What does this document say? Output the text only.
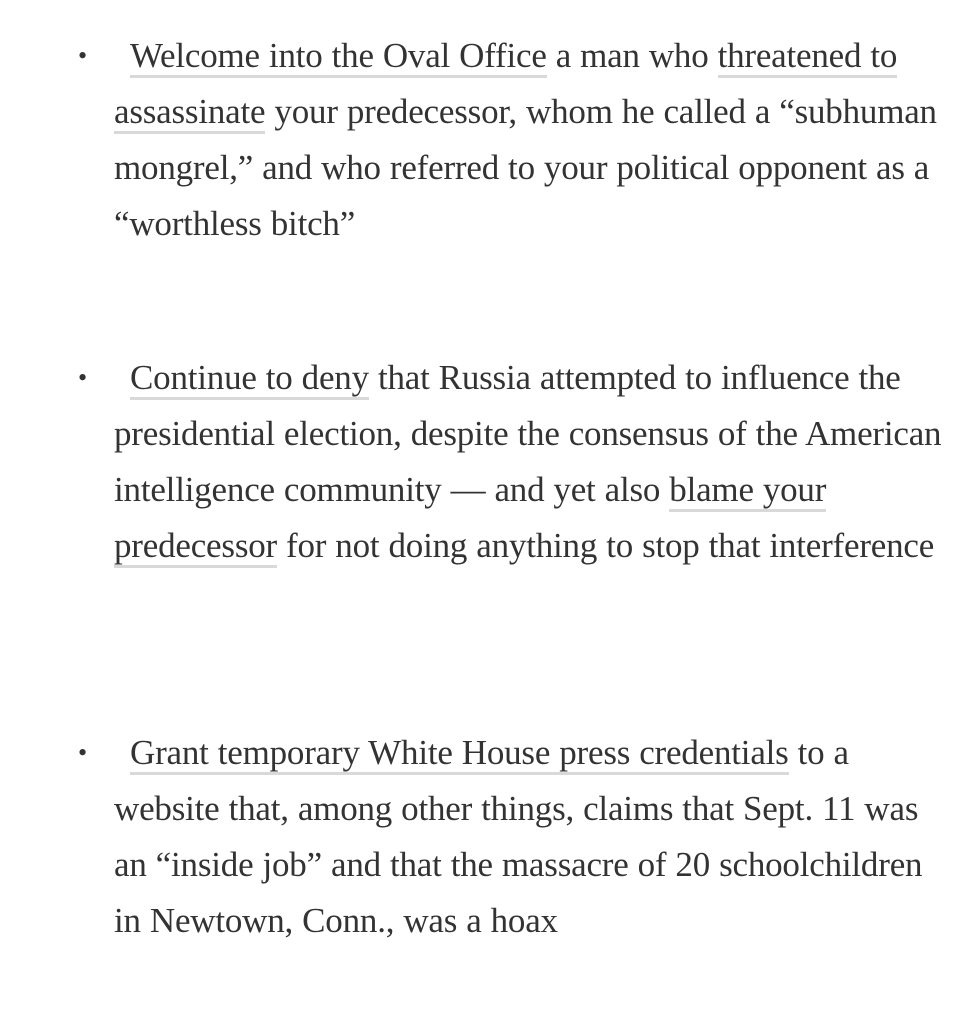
• Welcome into the Oval Office a man who threatened to assassinate your predecessor, whom he called a “subhuman mongrel,” and who referred to your political opponent as a “worthless bitch”
• Continue to deny that Russia attempted to influence the presidential election, despite the consensus of the American intelligence community — and yet also blame your predecessor for not doing anything to stop that interference
• Grant temporary White House press credentials to a website that, among other things, claims that Sept. 11 was an “inside job” and that the massacre of 20 schoolchildren in Newtown, Conn., was a hoax
